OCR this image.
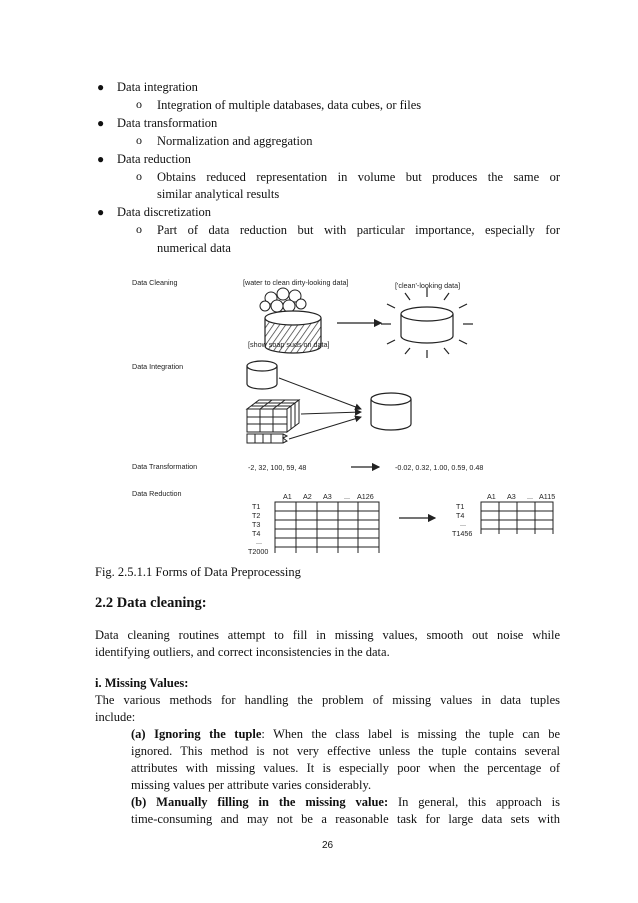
● Data integration
o Integration of multiple databases, data cubes, or files
● Data transformation
o Normalization and aggregation
● Data reduction
o Obtains reduced representation in volume but produces the same or
similar analytical results
● Data discretization
o Part of data reduction but with particular importance, especially for
numerical data
Data Cleaning
Data Integration
Data Transformation
Data Reduction
[water to clean dirty-looking data]
[show soap suds on data]
['clean'-looking data]
-2, 32, 100, 59, 48	-0.02, 0.32, 1.00, 0.59, 0.48
A1 A2 A3 ... A126
T1
T2
T3
T4
...
T2000
A1 A3 ... A115
T1
T4
...
T1456
Fig. 2.5.1.1 Forms of Data Preprocessing
2.2 Data cleaning:
Data cleaning routines attempt to fill in missing values, smooth out noise while
identifying outliers, and correct inconsistencies in the data.
i. Missing Values:
The various methods for handling the problem of missing values in data tuples
include:
(a) Ignoring the tuple: When the class label is missing the tuple can be
ignored. This method is not very effective unless the tuple contains several
attributes with missing values. It is especially poor when the percentage of
missing values per attribute varies considerably.
(b) Manually filling in the missing value: In general, this approach is
time-consuming and may not be a reasonable task for large data sets with
26
